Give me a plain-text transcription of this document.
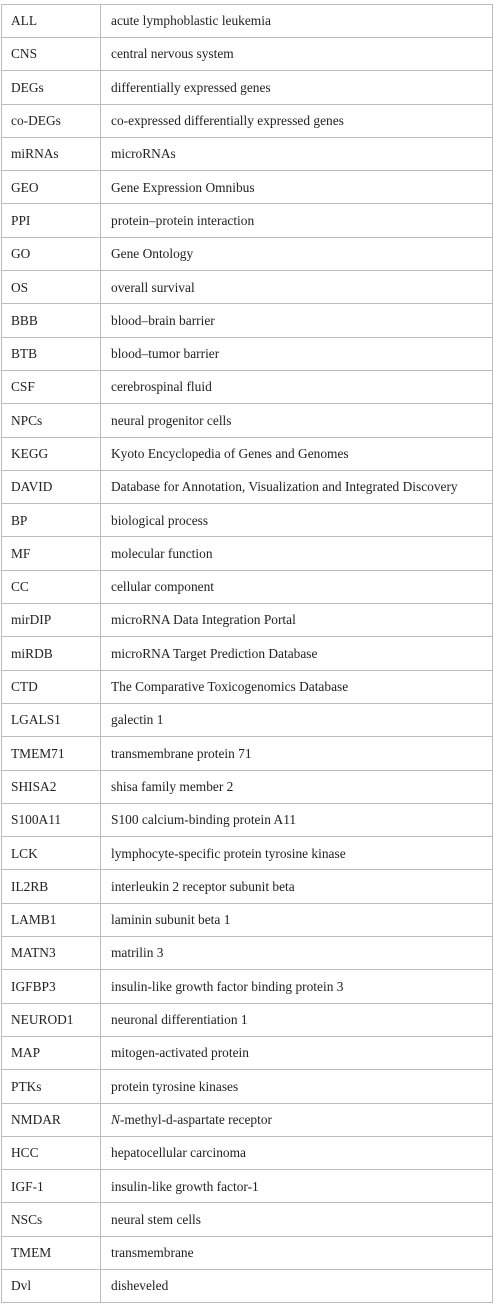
ALL	acute lymphoblastic leukemia
CNS	central nervous system
DEGs	differentially expressed genes
co-DEGs	co-expressed differentially expressed genes
miRNAs	microRNAs
GEO	Gene Expression Omnibus
PPI	protein–protein interaction
GO	Gene Ontology
OS	overall survival
BBB	blood–brain barrier
BTB	blood–tumor barrier
CSF	cerebrospinal fluid
NPCs	neural progenitor cells
KEGG	Kyoto Encyclopedia of Genes and Genomes
DAVID	Database for Annotation, Visualization and Integrated Discovery
BP	biological process
MF	molecular function
CC	cellular component
mirDIP	microRNA Data Integration Portal
miRDB	microRNA Target Prediction Database
CTD	The Comparative Toxicogenomics Database
LGALS1	galectin 1
TMEM71	transmembrane protein 71
SHISA2	shisa family member 2
S100A11	S100 calcium-binding protein A11
LCK	lymphocyte-specific protein tyrosine kinase
IL2RB	interleukin 2 receptor subunit beta
LAMB1	laminin subunit beta 1
MATN3	matrilin 3
IGFBP3	insulin-like growth factor binding protein 3
NEUROD1	neuronal differentiation 1
MAP	mitogen-activated protein
PTKs	protein tyrosine kinases
NMDAR	N-methyl-d-aspartate receptor
HCC	hepatocellular carcinoma
IGF-1	insulin-like growth factor-1
NSCs	neural stem cells
TMEM	transmembrane
Dvl	disheveled
